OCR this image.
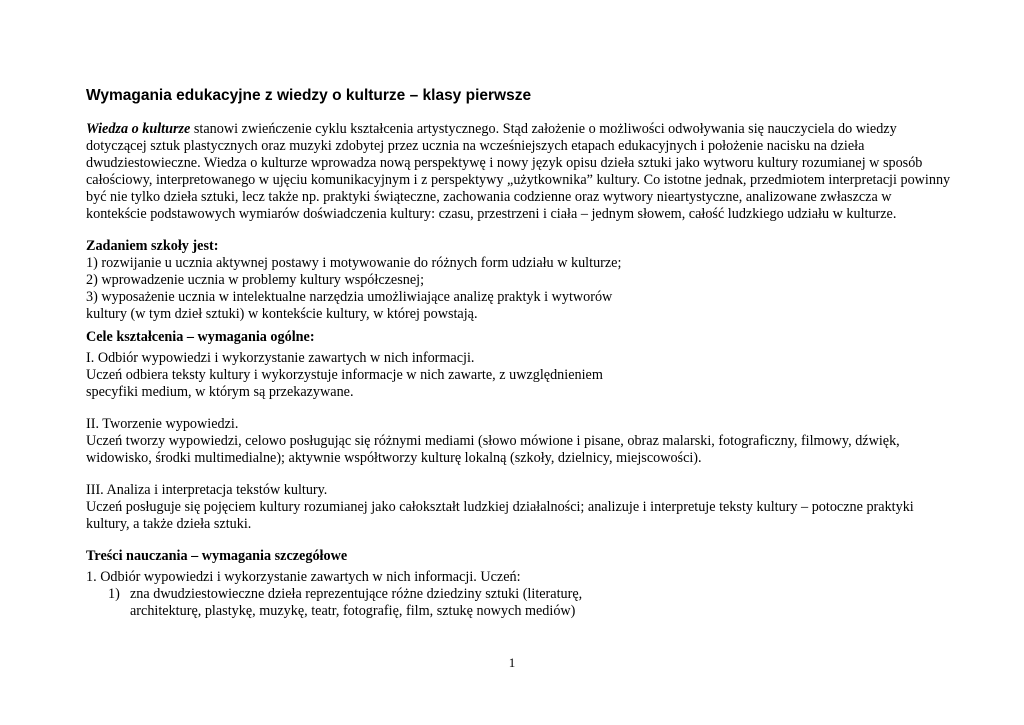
Wymagania edukacyjne z wiedzy o kulturze – klasy pierwsze
Wiedza o kulturze stanowi zwieńczenie cyklu kształcenia artystycznego. Stąd założenie o możliwości odwoływania się nauczyciela do wiedzy
dotyczącej sztuk plastycznych oraz muzyki zdobytej przez ucznia na wcześniejszych etapach edukacyjnych i położenie nacisku na dzieła
dwudziestowieczne. Wiedza o kulturze wprowadza nową perspektywę i nowy język opisu dzieła sztuki jako wytworu kultury rozumianej w sposób
całościowy, interpretowanego w ujęciu komunikacyjnym i z perspektywy „użytkownika” kultury. Co istotne jednak, przedmiotem interpretacji powinny
być nie tylko dzieła sztuki, lecz także np. praktyki świąteczne, zachowania codzienne oraz wytwory nieartystyczne, analizowane zwłaszcza w
kontekście podstawowych wymiarów doświadczenia kultury: czasu, przestrzeni i ciała – jednym słowem, całość ludzkiego udziału w kulturze.
Zadaniem szkoły jest:
1) rozwijanie u ucznia aktywnej postawy i motywowanie do różnych form udziału w kulturze;
2) wprowadzenie ucznia w problemy kultury współczesnej;
3) wyposażenie ucznia w intelektualne narzędzia umożliwiające analizę praktyk i wytworów
kultury (w tym dzieł sztuki) w kontekście kultury, w której powstają.
Cele kształcenia – wymagania ogólne:
I. Odbiór wypowiedzi i wykorzystanie zawartych w nich informacji.
Uczeń odbiera teksty kultury i wykorzystuje informacje w nich zawarte, z uwzględnieniem
specyfiki medium, w którym są przekazywane.
II. Tworzenie wypowiedzi.
Uczeń tworzy wypowiedzi, celowo posługując się różnymi mediami (słowo mówione i pisane, obraz malarski, fotograficzny, filmowy, dźwięk,
widowisko, środki multimedialne); aktywnie współtworzy kulturę lokalną (szkoły, dzielnicy, miejscowości).
III. Analiza i interpretacja tekstów kultury.
Uczeń posługuje się pojęciem kultury rozumianej jako całokształt ludzkiej działalności; analizuje i interpretuje teksty kultury – potoczne praktyki
kultury, a także dzieła sztuki.
Treści nauczania – wymagania szczegółowe
1. Odbiór wypowiedzi i wykorzystanie zawartych w nich informacji. Uczeń:
1) zna dwudziestowieczne dzieła reprezentujące różne dziedziny sztuki (literaturę,
architekturę, plastykę, muzykę, teatr, fotografię, film, sztukę nowych mediów)
1
